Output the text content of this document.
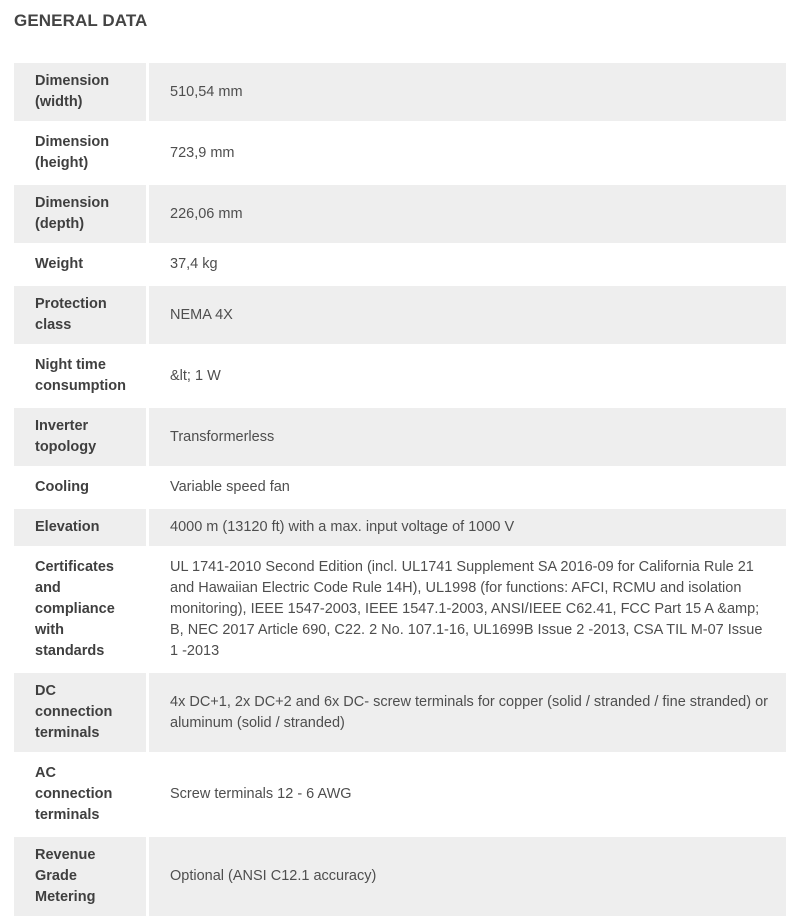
GENERAL DATA
Dimension (width)	510,54 mm
Dimension (height)	723,9 mm
Dimension (depth)	226,06 mm
Weight	37,4 kg
Protection class	NEMA 4X
Night time consumption	&lt; 1 W
Inverter topology	Transformerless
Cooling	Variable speed fan
Elevation	4000 m (13120 ft) with a max. input voltage of 1000 V
Certificates and compliance with standards	UL 1741-2010 Second Edition (incl. UL1741 Supplement SA 2016-09 for California Rule 21 and Hawaiian Electric Code Rule 14H), UL1998 (for functions: AFCI, RCMU and isolation monitoring), IEEE 1547-2003, IEEE 1547.1-2003, ANSI/IEEE C62.41, FCC Part 15 A &amp; B, NEC 2017 Article 690, C22. 2 No. 107.1-16, UL1699B Issue 2 -2013, CSA TIL M-07 Issue 1 -2013
DC connection terminals	4x DC+1, 2x DC+2 and 6x DC- screw terminals for copper (solid / stranded / fine stranded) or aluminum (solid / stranded)
AC connection terminals	Screw terminals 12 - 6 AWG
Revenue Grade Metering	Optional (ANSI C12.1 accuracy)
